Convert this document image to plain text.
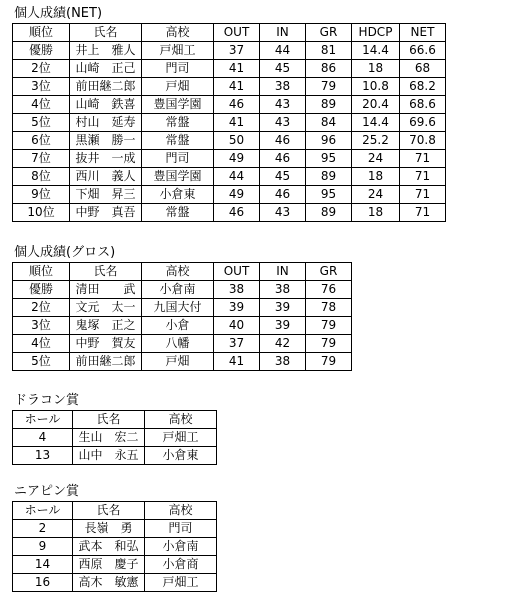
個人成績(NET)
順位	氏名	高校	OUT	IN	GR	HDCP	NET
優勝	井上　雅人	戸畑工	37	44	81	14.4	66.6
2位	山崎　正己	門司	41	45	86	18	68
3位	前田継二郎	戸畑	41	38	79	10.8	68.2
4位	山崎　鉄喜	豊国学園	46	43	89	20.4	68.6
5位	村山　延寿	常盤	41	43	84	14.4	69.6
6位	黒瀬　勝一	常盤	50	46	96	25.2	70.8
7位	抜井　一成	門司	49	46	95	24	71
8位	西川　義人	豊国学園	44	45	89	18	71
9位	下畑　昇三	小倉東	49	46	95	24	71
10位	中野　真吾	常盤	46	43	89	18	71
個人成績(グロス)
順位	氏名	高校	OUT	IN	GR
優勝	清田　　武	小倉南	38	38	76
2位	文元　太一	九国大付	39	39	78
3位	鬼塚　正之	小倉	40	39	79
4位	中野　賀友	八幡	37	42	79
5位	前田継二郎	戸畑	41	38	79
ドラコン賞
ホール	氏名	高校
4	生山　宏二	戸畑工
13	山中　永五	小倉東
ニアピン賞
ホール	氏名	高校
2	長嶺　勇	門司
9	武本　和弘	小倉南
14	西原　慶子	小倉商
16	高木　敏憲	戸畑工
